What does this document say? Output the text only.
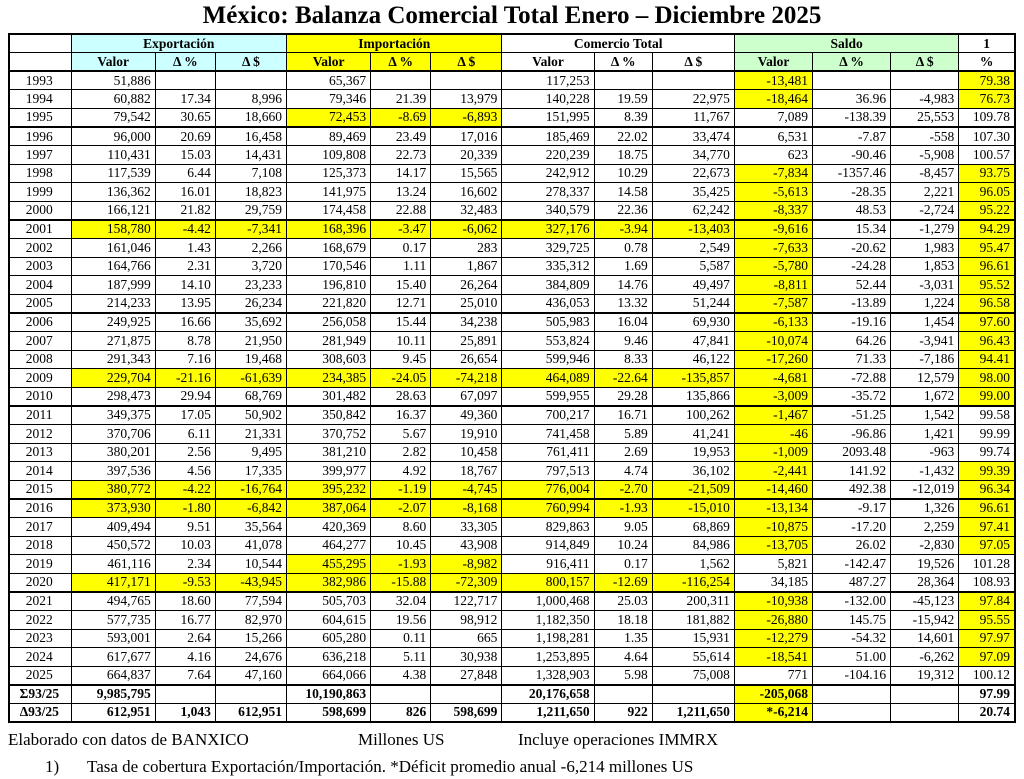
México: Balanza Comercial Total Enero – Diciembre 2025
	Exportación			Importación			Comercio Total			Saldo			1
	Valor	Δ %	Δ $	Valor	Δ %	Δ $	Valor	Δ %	Δ $	Valor	Δ %	Δ $	%
1993	51,886			65,367			117,253			-13,481			79.38
1994	60,882	17.34	8,996	79,346	21.39	13,979	140,228	19.59	22,975	-18,464	36.96	-4,983	76.73
1995	79,542	30.65	18,660	72,453	-8.69	-6,893	151,995	8.39	11,767	7,089	-138.39	25,553	109.78
1996	96,000	20.69	16,458	89,469	23.49	17,016	185,469	22.02	33,474	6,531	-7.87	-558	107.30
1997	110,431	15.03	14,431	109,808	22.73	20,339	220,239	18.75	34,770	623	-90.46	-5,908	100.57
1998	117,539	6.44	7,108	125,373	14.17	15,565	242,912	10.29	22,673	-7,834	-1357.46	-8,457	93.75
1999	136,362	16.01	18,823	141,975	13.24	16,602	278,337	14.58	35,425	-5,613	-28.35	2,221	96.05
2000	166,121	21.82	29,759	174,458	22.88	32,483	340,579	22.36	62,242	-8,337	48.53	-2,724	95.22
2001	158,780	-4.42	-7,341	168,396	-3.47	-6,062	327,176	-3.94	-13,403	-9,616	15.34	-1,279	94.29
2002	161,046	1.43	2,266	168,679	0.17	283	329,725	0.78	2,549	-7,633	-20.62	1,983	95.47
2003	164,766	2.31	3,720	170,546	1.11	1,867	335,312	1.69	5,587	-5,780	-24.28	1,853	96.61
2004	187,999	14.10	23,233	196,810	15.40	26,264	384,809	14.76	49,497	-8,811	52.44	-3,031	95.52
2005	214,233	13.95	26,234	221,820	12.71	25,010	436,053	13.32	51,244	-7,587	-13.89	1,224	96.58
2006	249,925	16.66	35,692	256,058	15.44	34,238	505,983	16.04	69,930	-6,133	-19.16	1,454	97.60
2007	271,875	8.78	21,950	281,949	10.11	25,891	553,824	9.46	47,841	-10,074	64.26	-3,941	96.43
2008	291,343	7.16	19,468	308,603	9.45	26,654	599,946	8.33	46,122	-17,260	71.33	-7,186	94.41
2009	229,704	-21.16	-61,639	234,385	-24.05	-74,218	464,089	-22.64	-135,857	-4,681	-72.88	12,579	98.00
2010	298,473	29.94	68,769	301,482	28.63	67,097	599,955	29.28	135,866	-3,009	-35.72	1,672	99.00
2011	349,375	17.05	50,902	350,842	16.37	49,360	700,217	16.71	100,262	-1,467	-51.25	1,542	99.58
2012	370,706	6.11	21,331	370,752	5.67	19,910	741,458	5.89	41,241	-46	-96.86	1,421	99.99
2013	380,201	2.56	9,495	381,210	2.82	10,458	761,411	2.69	19,953	-1,009	2093.48	-963	99.74
2014	397,536	4.56	17,335	399,977	4.92	18,767	797,513	4.74	36,102	-2,441	141.92	-1,432	99.39
2015	380,772	-4.22	-16,764	395,232	-1.19	-4,745	776,004	-2.70	-21,509	-14,460	492.38	-12,019	96.34
2016	373,930	-1.80	-6,842	387,064	-2.07	-8,168	760,994	-1.93	-15,010	-13,134	-9.17	1,326	96.61
2017	409,494	9.51	35,564	420,369	8.60	33,305	829,863	9.05	68,869	-10,875	-17.20	2,259	97.41
2018	450,572	10.03	41,078	464,277	10.45	43,908	914,849	10.24	84,986	-13,705	26.02	-2,830	97.05
2019	461,116	2.34	10,544	455,295	-1.93	-8,982	916,411	0.17	1,562	5,821	-142.47	19,526	101.28
2020	417,171	-9.53	-43,945	382,986	-15.88	-72,309	800,157	-12.69	-116,254	34,185	487.27	28,364	108.93
2021	494,765	18.60	77,594	505,703	32.04	122,717	1,000,468	25.03	200,311	-10,938	-132.00	-45,123	97.84
2022	577,735	16.77	82,970	604,615	19.56	98,912	1,182,350	18.18	181,882	-26,880	145.75	-15,942	95.55
2023	593,001	2.64	15,266	605,280	0.11	665	1,198,281	1.35	15,931	-12,279	-54.32	14,601	97.97
2024	617,677	4.16	24,676	636,218	5.11	30,938	1,253,895	4.64	55,614	-18,541	51.00	-6,262	97.09
2025	664,837	7.64	47,160	664,066	4.38	27,848	1,328,903	5.98	75,008	771	-104.16	19,312	100.12
Σ93/25	9,985,795			10,190,863			20,176,658			-205,068			97.99
Δ93/25	612,951	1,043	612,951	598,699	826	598,699	1,211,650	922	1,211,650	*-6,214			20.74
Elaborado con datos de BANXICO	Millones US	Incluye operaciones IMMRX
1)	Tasa de cobertura Exportación/Importación. *Déficit promedio anual -6,214 millones US
